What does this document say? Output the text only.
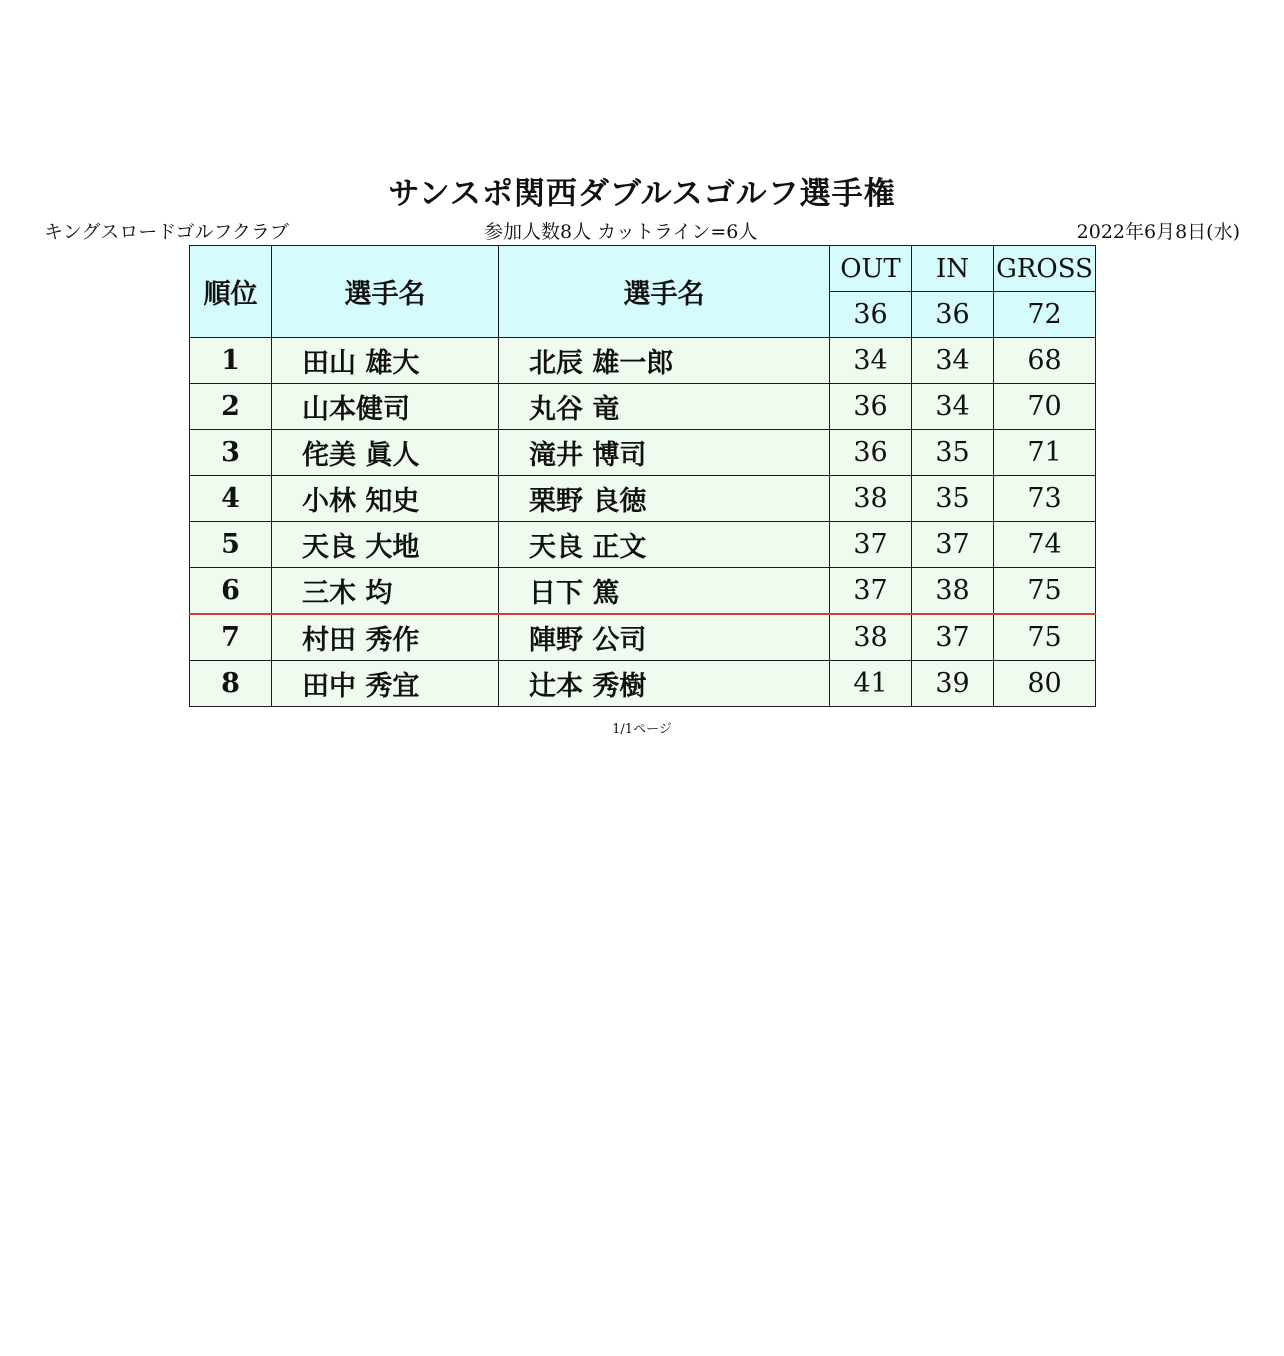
サンスポ関西ダブルスゴルフ選手権
キングスロードゴルフクラブ	参加人数8人 カットライン=6人	2022年6月8日(水)
順位	選手名	選手名	OUT	IN	GROSS
			36	36	72
1	田山 雄大	北辰 雄一郎	34	34	68
2	山本健司	丸谷 竜	36	34	70
3	侘美 眞人	滝井 博司	36	35	71
4	小林 知史	栗野 良徳	38	35	73
5	天良 大地	天良 正文	37	37	74
6	三木 均	日下 篤	37	38	75
7	村田 秀作	陣野 公司	38	37	75
8	田中 秀宜	辻本 秀樹	41	39	80
1/1ページ
